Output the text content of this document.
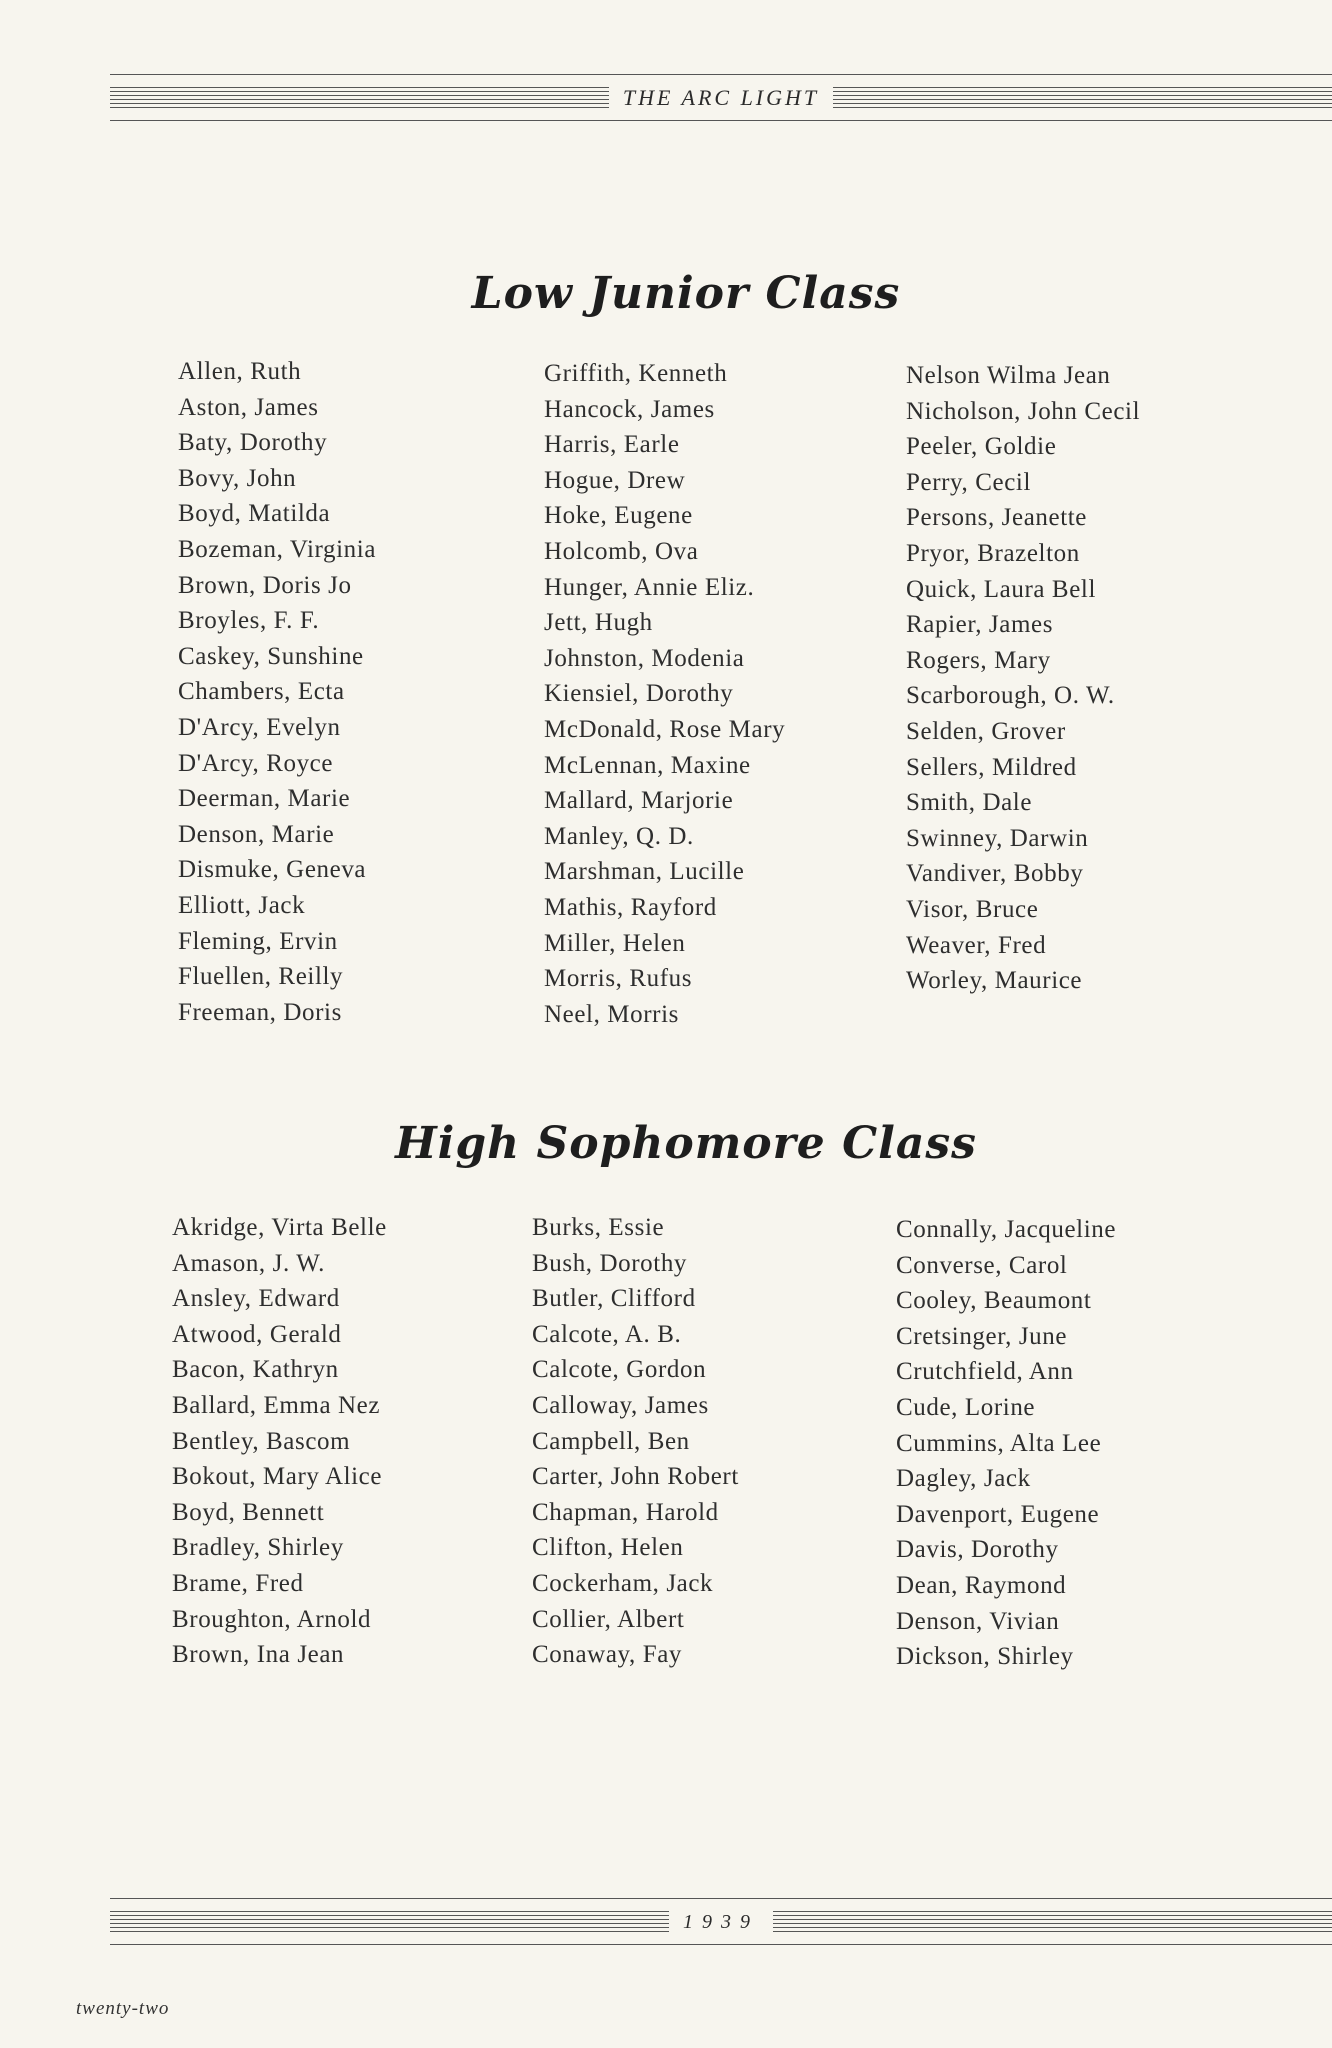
THE ARC LIGHT
Low Junior Class
Allen, Ruth
Aston, James
Baty, Dorothy
Bovy, John
Boyd, Matilda
Bozeman, Virginia
Brown, Doris Jo
Broyles, F. F.
Caskey, Sunshine
Chambers, Ecta
D'Arcy, Evelyn
D'Arcy, Royce
Deerman, Marie
Denson, Marie
Dismuke, Geneva
Elliott, Jack
Fleming, Ervin
Fluellen, Reilly
Freeman, Doris
Griffith, Kenneth
Hancock, James
Harris, Earle
Hogue, Drew
Hoke, Eugene
Holcomb, Ova
Hunger, Annie Eliz.
Jett, Hugh
Johnston, Modenia
Kiensiel, Dorothy
McDonald, Rose Mary
McLennan, Maxine
Mallard, Marjorie
Manley, Q. D.
Marshman, Lucille
Mathis, Rayford
Miller, Helen
Morris, Rufus
Neel, Morris
Nelson Wilma Jean
Nicholson, John Cecil
Peeler, Goldie
Perry, Cecil
Persons, Jeanette
Pryor, Brazelton
Quick, Laura Bell
Rapier, James
Rogers, Mary
Scarborough, O. W.
Selden, Grover
Sellers, Mildred
Smith, Dale
Swinney, Darwin
Vandiver, Bobby
Visor, Bruce
Weaver, Fred
Worley, Maurice
High Sophomore Class
Akridge, Virta Belle
Amason, J. W.
Ansley, Edward
Atwood, Gerald
Bacon, Kathryn
Ballard, Emma Nez
Bentley, Bascom
Bokout, Mary Alice
Boyd, Bennett
Bradley, Shirley
Brame, Fred
Broughton, Arnold
Brown, Ina Jean
Burks, Essie
Bush, Dorothy
Butler, Clifford
Calcote, A. B.
Calcote, Gordon
Calloway, James
Campbell, Ben
Carter, John Robert
Chapman, Harold
Clifton, Helen
Cockerham, Jack
Collier, Albert
Conaway, Fay
Connally, Jacqueline
Converse, Carol
Cooley, Beaumont
Cretsinger, June
Crutchfield, Ann
Cude, Lorine
Cummins, Alta Lee
Dagley, Jack
Davenport, Eugene
Davis, Dorothy
Dean, Raymond
Denson, Vivian
Dickson, Shirley
1939
twenty-two
